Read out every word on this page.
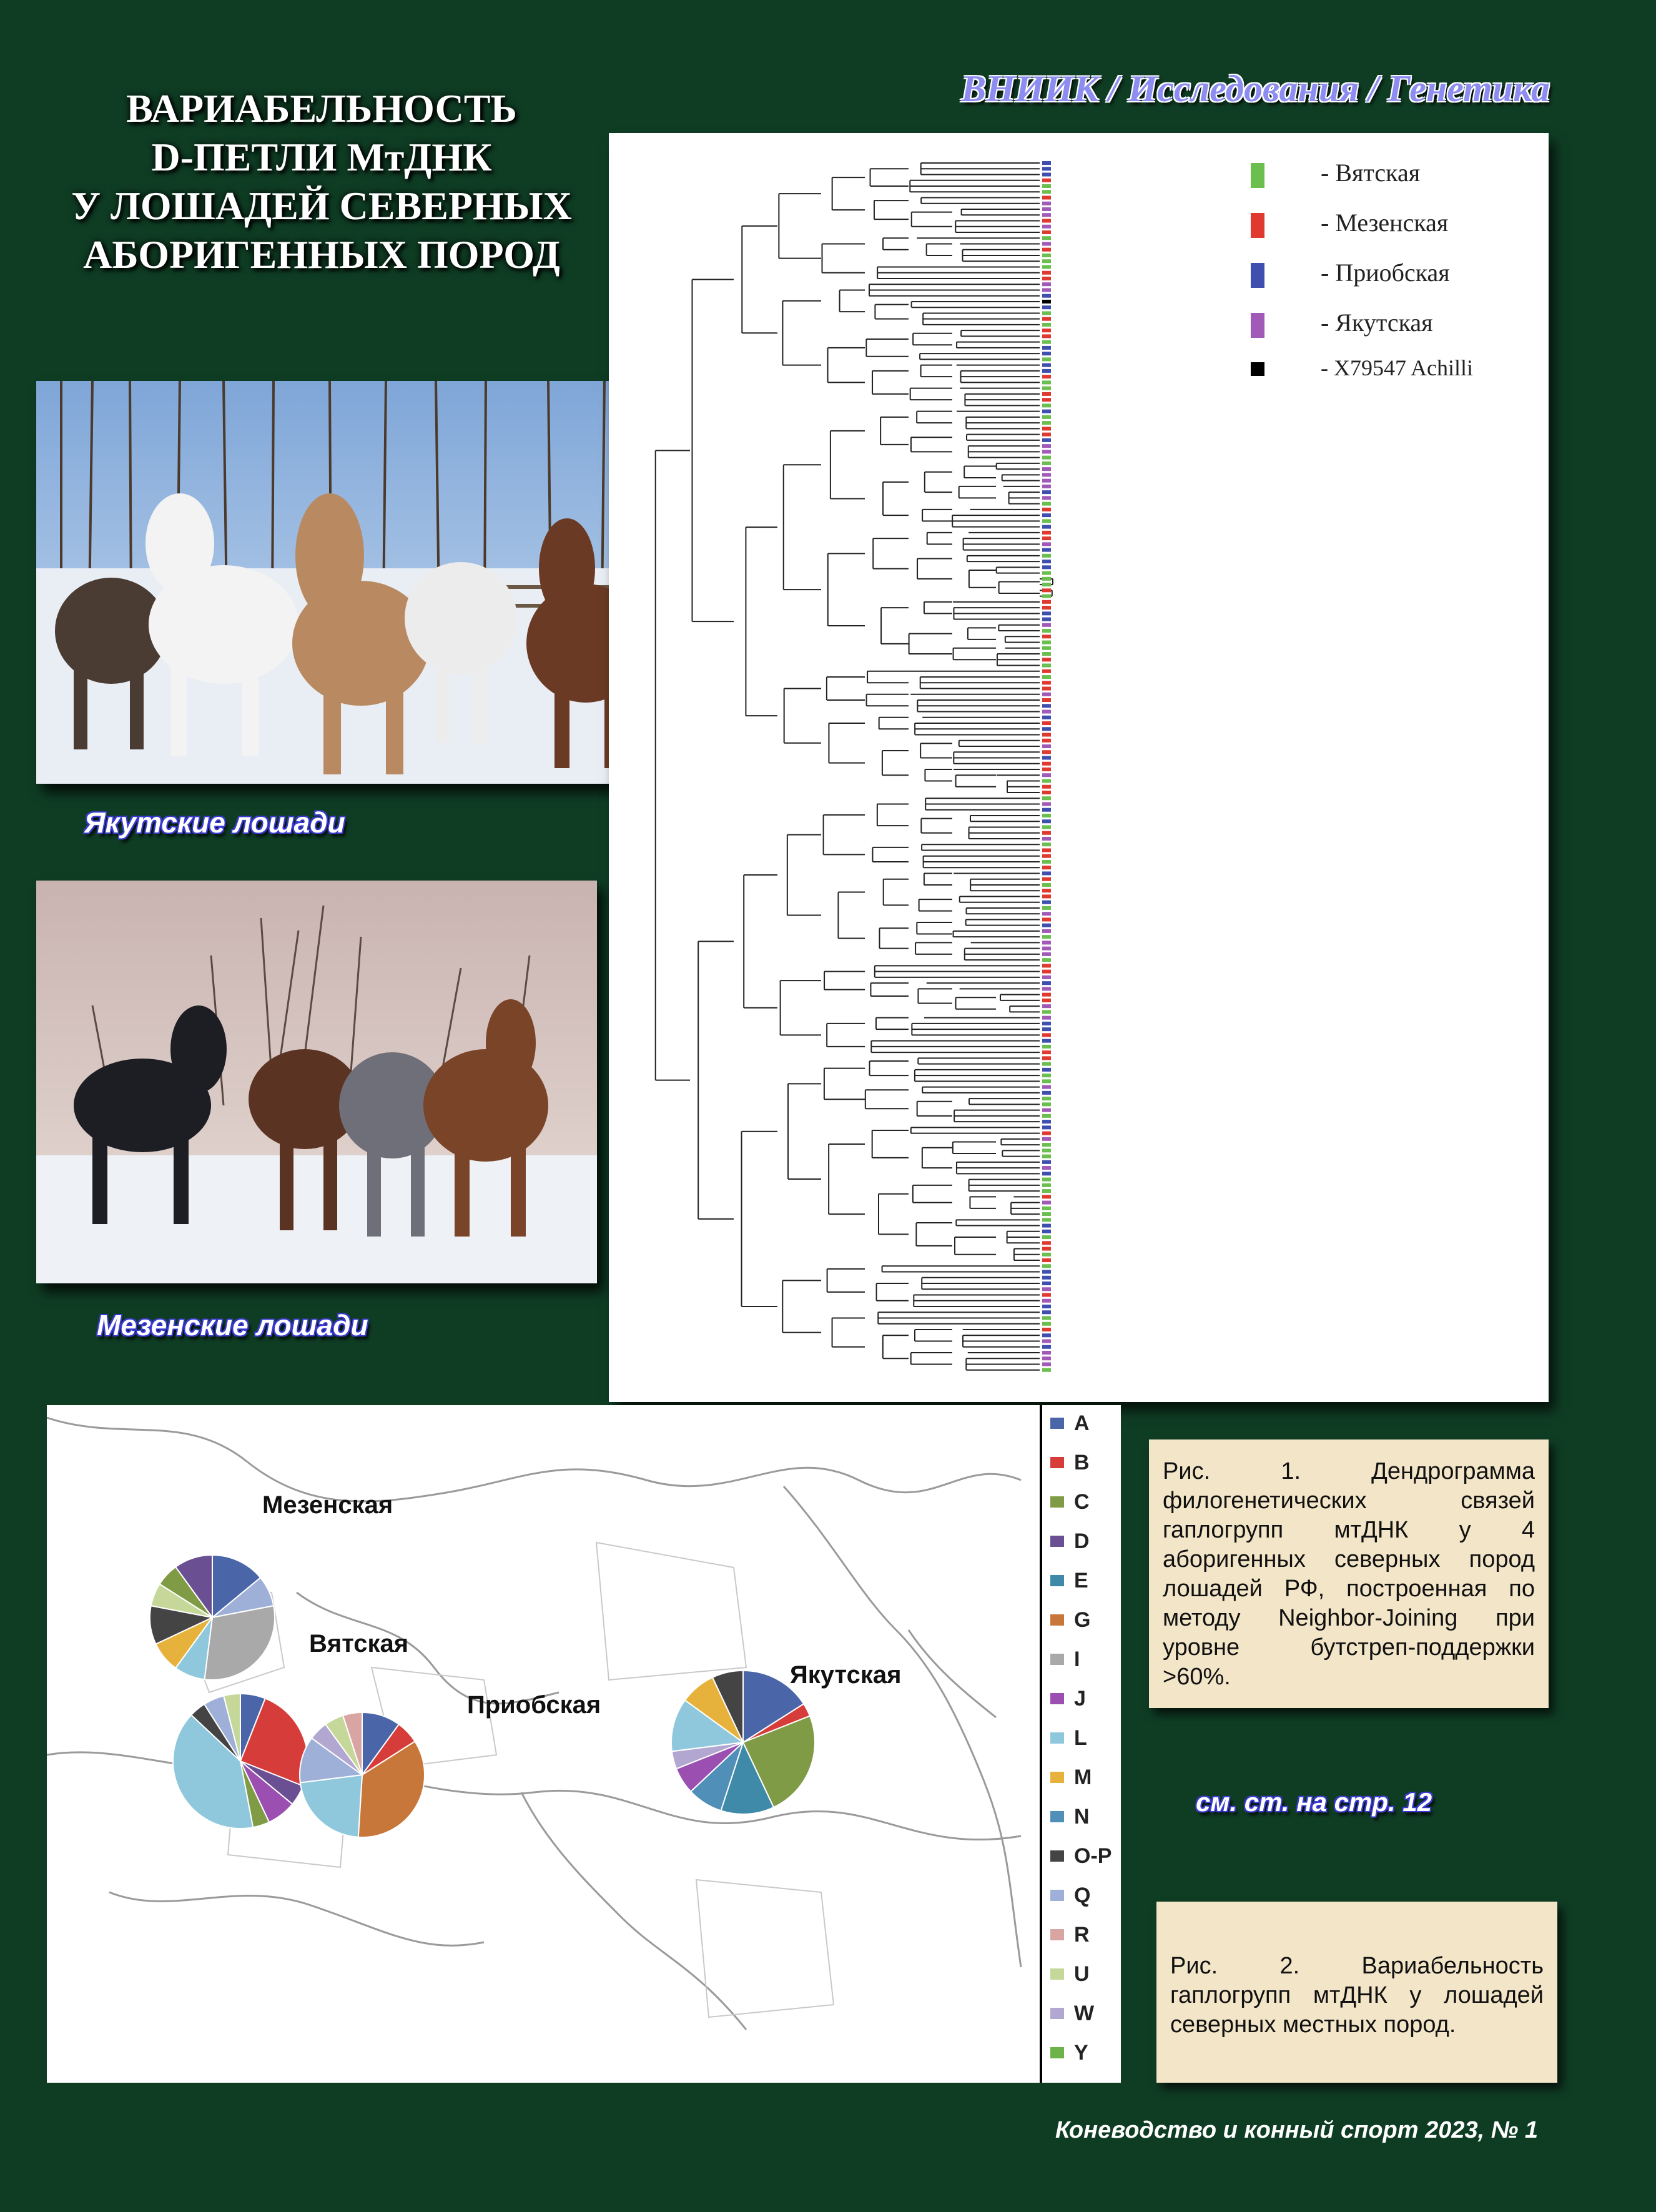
ВАРИАБЕЛЬНОСТЬ
D-ПЕТЛИ МтДНК
У ЛОШАДЕЙ СЕВЕРНЫХ
АБОРИГЕННЫХ ПОРОД
ВНИИК / Исследования / Генетика
Якутские лошади
Мезенские лошади
- Вятская
- Мезенская
- Приобская
- Якутская
- X79547 Achilli
Мезенская
Вятская
Приобская
Якутская
A
B
C
D
E
G
I
J
L
M
N
O-P
Q
R
U
W
Y
Рис. 1. Дендрограмма филогенетических связей гаплогрупп мтДНК у 4 аборигенных северных пород лошадей РФ, построенная по методу Neighbor-Joining при уровне бутстреп-поддержки >60%.
см. ст. на стр. 12
Рис. 2. Вариабельность гаплогрупп мтДНК у лошадей северных местных пород.
Коневодство и конный спорт 2023, № 1
